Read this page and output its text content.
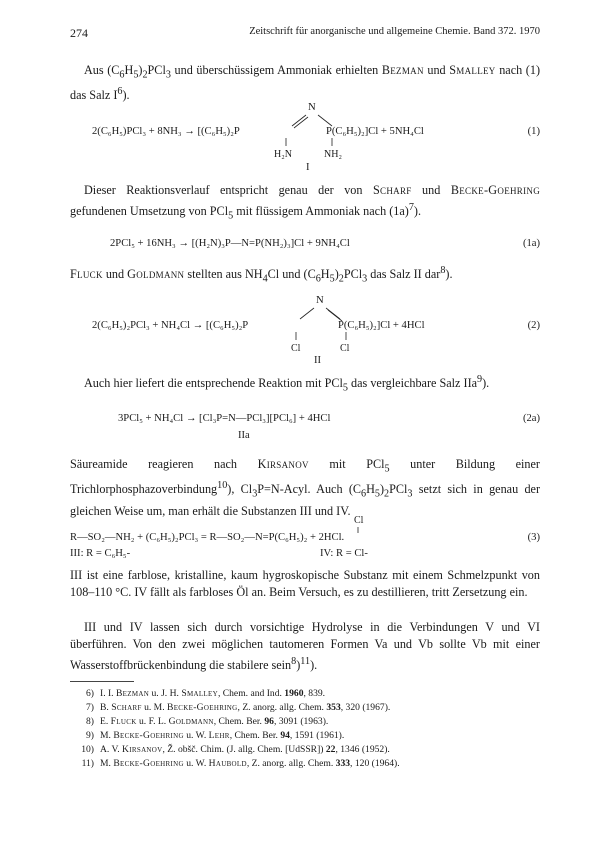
274	Zeitschrift für anorganische und allgemeine Chemie. Band 372. 1970

Aus $(C_6H_5)_2PCl_3$ und überschüssigem Ammoniak erhielten Bezman und Smalley nach (1) das Salz $I^6$).

N
2(C₆H₅)PCl₃ + 8NH₃ → [(C₆H₅)₂P	P(C₆H₅)₂]Cl + 5NH₄Cl	(1)
H₂N	NH₂
I

Dieser Reaktionsverlauf entspricht genau der von Scharf und Becke-Goehring gefundenen Umsetzung von PCl$_5$ mit flüssigem Ammoniak nach $(1a)^7$).

2PCl₅ + 16NH₃ → [(H₂N)₃P—N=P(NH₂)₃]Cl + 9NH₄Cl	(1a)

Fluck und Goldmann stellten aus $NH_4Cl$ und $(C_6H_5)_2PCl_3$ das Salz II dar$^8$).

N
2(C₆H₅)₂PCl₃ + NH₄Cl → [(C₆H₅)₂P	P(C₆H₅)₂]Cl + 4HCl	(2)
Cl	Cl
II

Auch hier liefert die entsprechende Reaktion mit PCl$_5$ das vergleichbare Salz IIa$^9$).

3PCl₅ + NH₄Cl → [Cl₃P=N—PCl₃][PCl₆] + 4HCl	(2a)
IIa

Säureamide reagieren nach Kirsanov mit PCl$_5$ unter Bildung einer Trichlorphosphazoverbindung$^{10}$), $Cl_3P=N$-Acyl. Auch $(C_6H_5)_2PCl_3$ setzt sich in genau der gleichen Weise um, man erhält die Substanzen III und IV.

Cl
R—SO₂—NH₂ + (C₆H₅)₂PCl₃ = R—SO₂—N=P(C₆H₅)₂ + 2HCl.	(3)
III: R = C₆H₅-	IV: R = Cl-

III ist eine farblose, kristalline, kaum hygroskopische Substanz mit einem Schmelzpunkt von 108–110 °C. IV fällt als farbloses Öl an. Beim Versuch, es zu destillieren, tritt Zersetzung ein.

III und IV lassen sich durch vorsichtige Hydrolyse in die Verbindungen V und VI überführen. Von den zwei möglichen tautomeren Formen Va und Vb sollte Vb mit einer Wasserstoffbrückenbindung die stabilere sein$^8$)$^{11}$).

6) I. I. Bezman u. J. H. Smalley, Chem. and Ind. 1960, 839.
7) B. Scharf u. M. Becke-Goehring, Z. anorg. allg. Chem. 353, 320 (1967).
8) E. Fluck u. F. L. Goldmann, Chem. Ber. 96, 3091 (1963).
9) M. Becke-Goehring u. W. Lehr, Chem. Ber. 94, 1591 (1961).
10) A. V. Kirsanov, Ž. obšč. Chim. (J. allg. Chem. [UdSSR]) 22, 1346 (1952).
11) M. Becke-Goehring u. W. Haubold, Z. anorg. allg. Chem. 333, 120 (1964).
